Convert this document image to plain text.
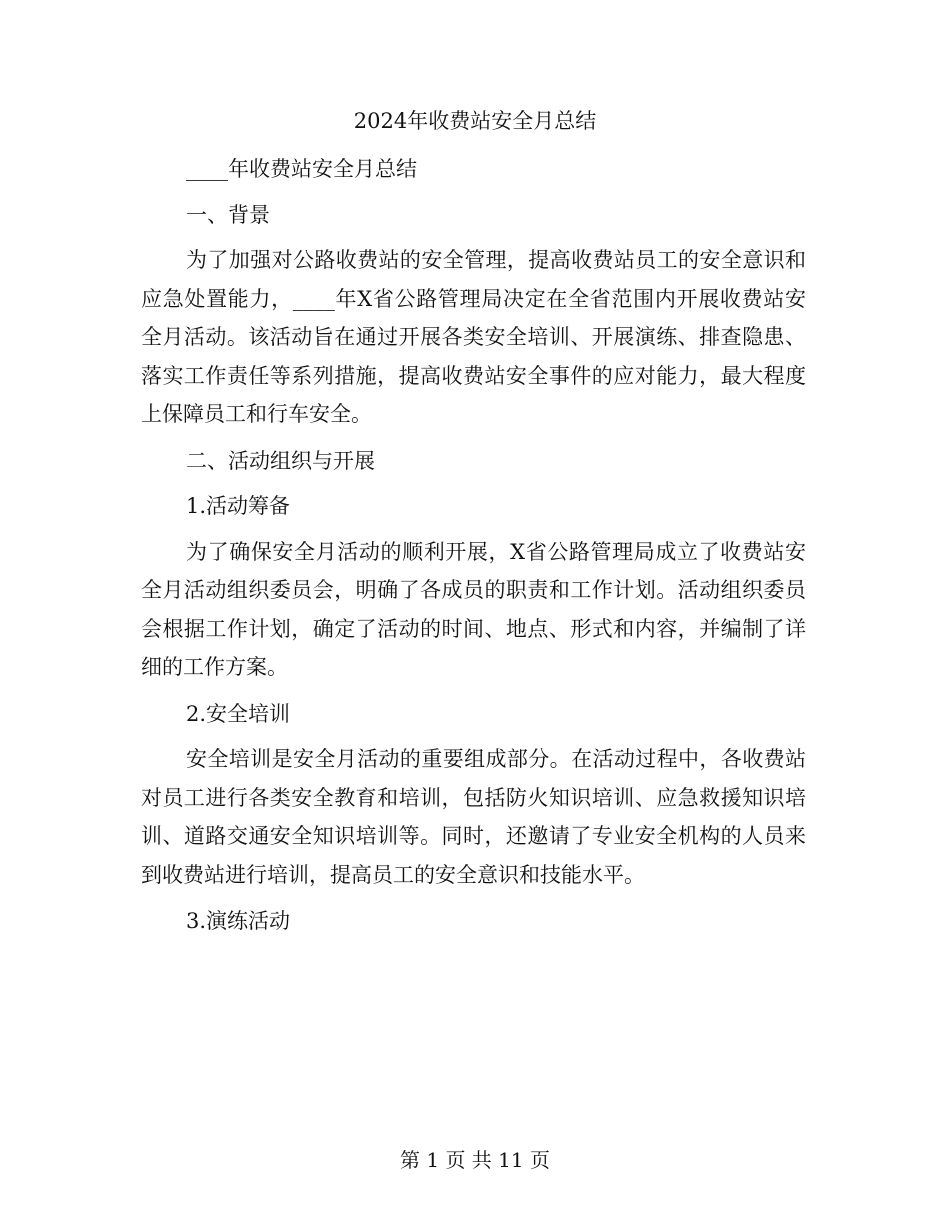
2024年收费站安全月总结

____年收费站安全月总结

一、背景

为了加强对公路收费站的安全管理，提高收费站员工的安全意识和应急处置能力，____年X省公路管理局决定在全省范围内开展收费站安全月活动。该活动旨在通过开展各类安全培训、开展演练、排查隐患、落实工作责任等系列措施，提高收费站安全事件的应对能力，最大程度上保障员工和行车安全。

二、活动组织与开展

1.活动筹备

为了确保安全月活动的顺利开展，X省公路管理局成立了收费站安全月活动组织委员会，明确了各成员的职责和工作计划。活动组织委员会根据工作计划，确定了活动的时间、地点、形式和内容，并编制了详细的工作方案。

2.安全培训

安全培训是安全月活动的重要组成部分。在活动过程中，各收费站对员工进行各类安全教育和培训，包括防火知识培训、应急救援知识培训、道路交通安全知识培训等。同时，还邀请了专业安全机构的人员来到收费站进行培训，提高员工的安全意识和技能水平。

3.演练活动

第 1 页 共 11 页
